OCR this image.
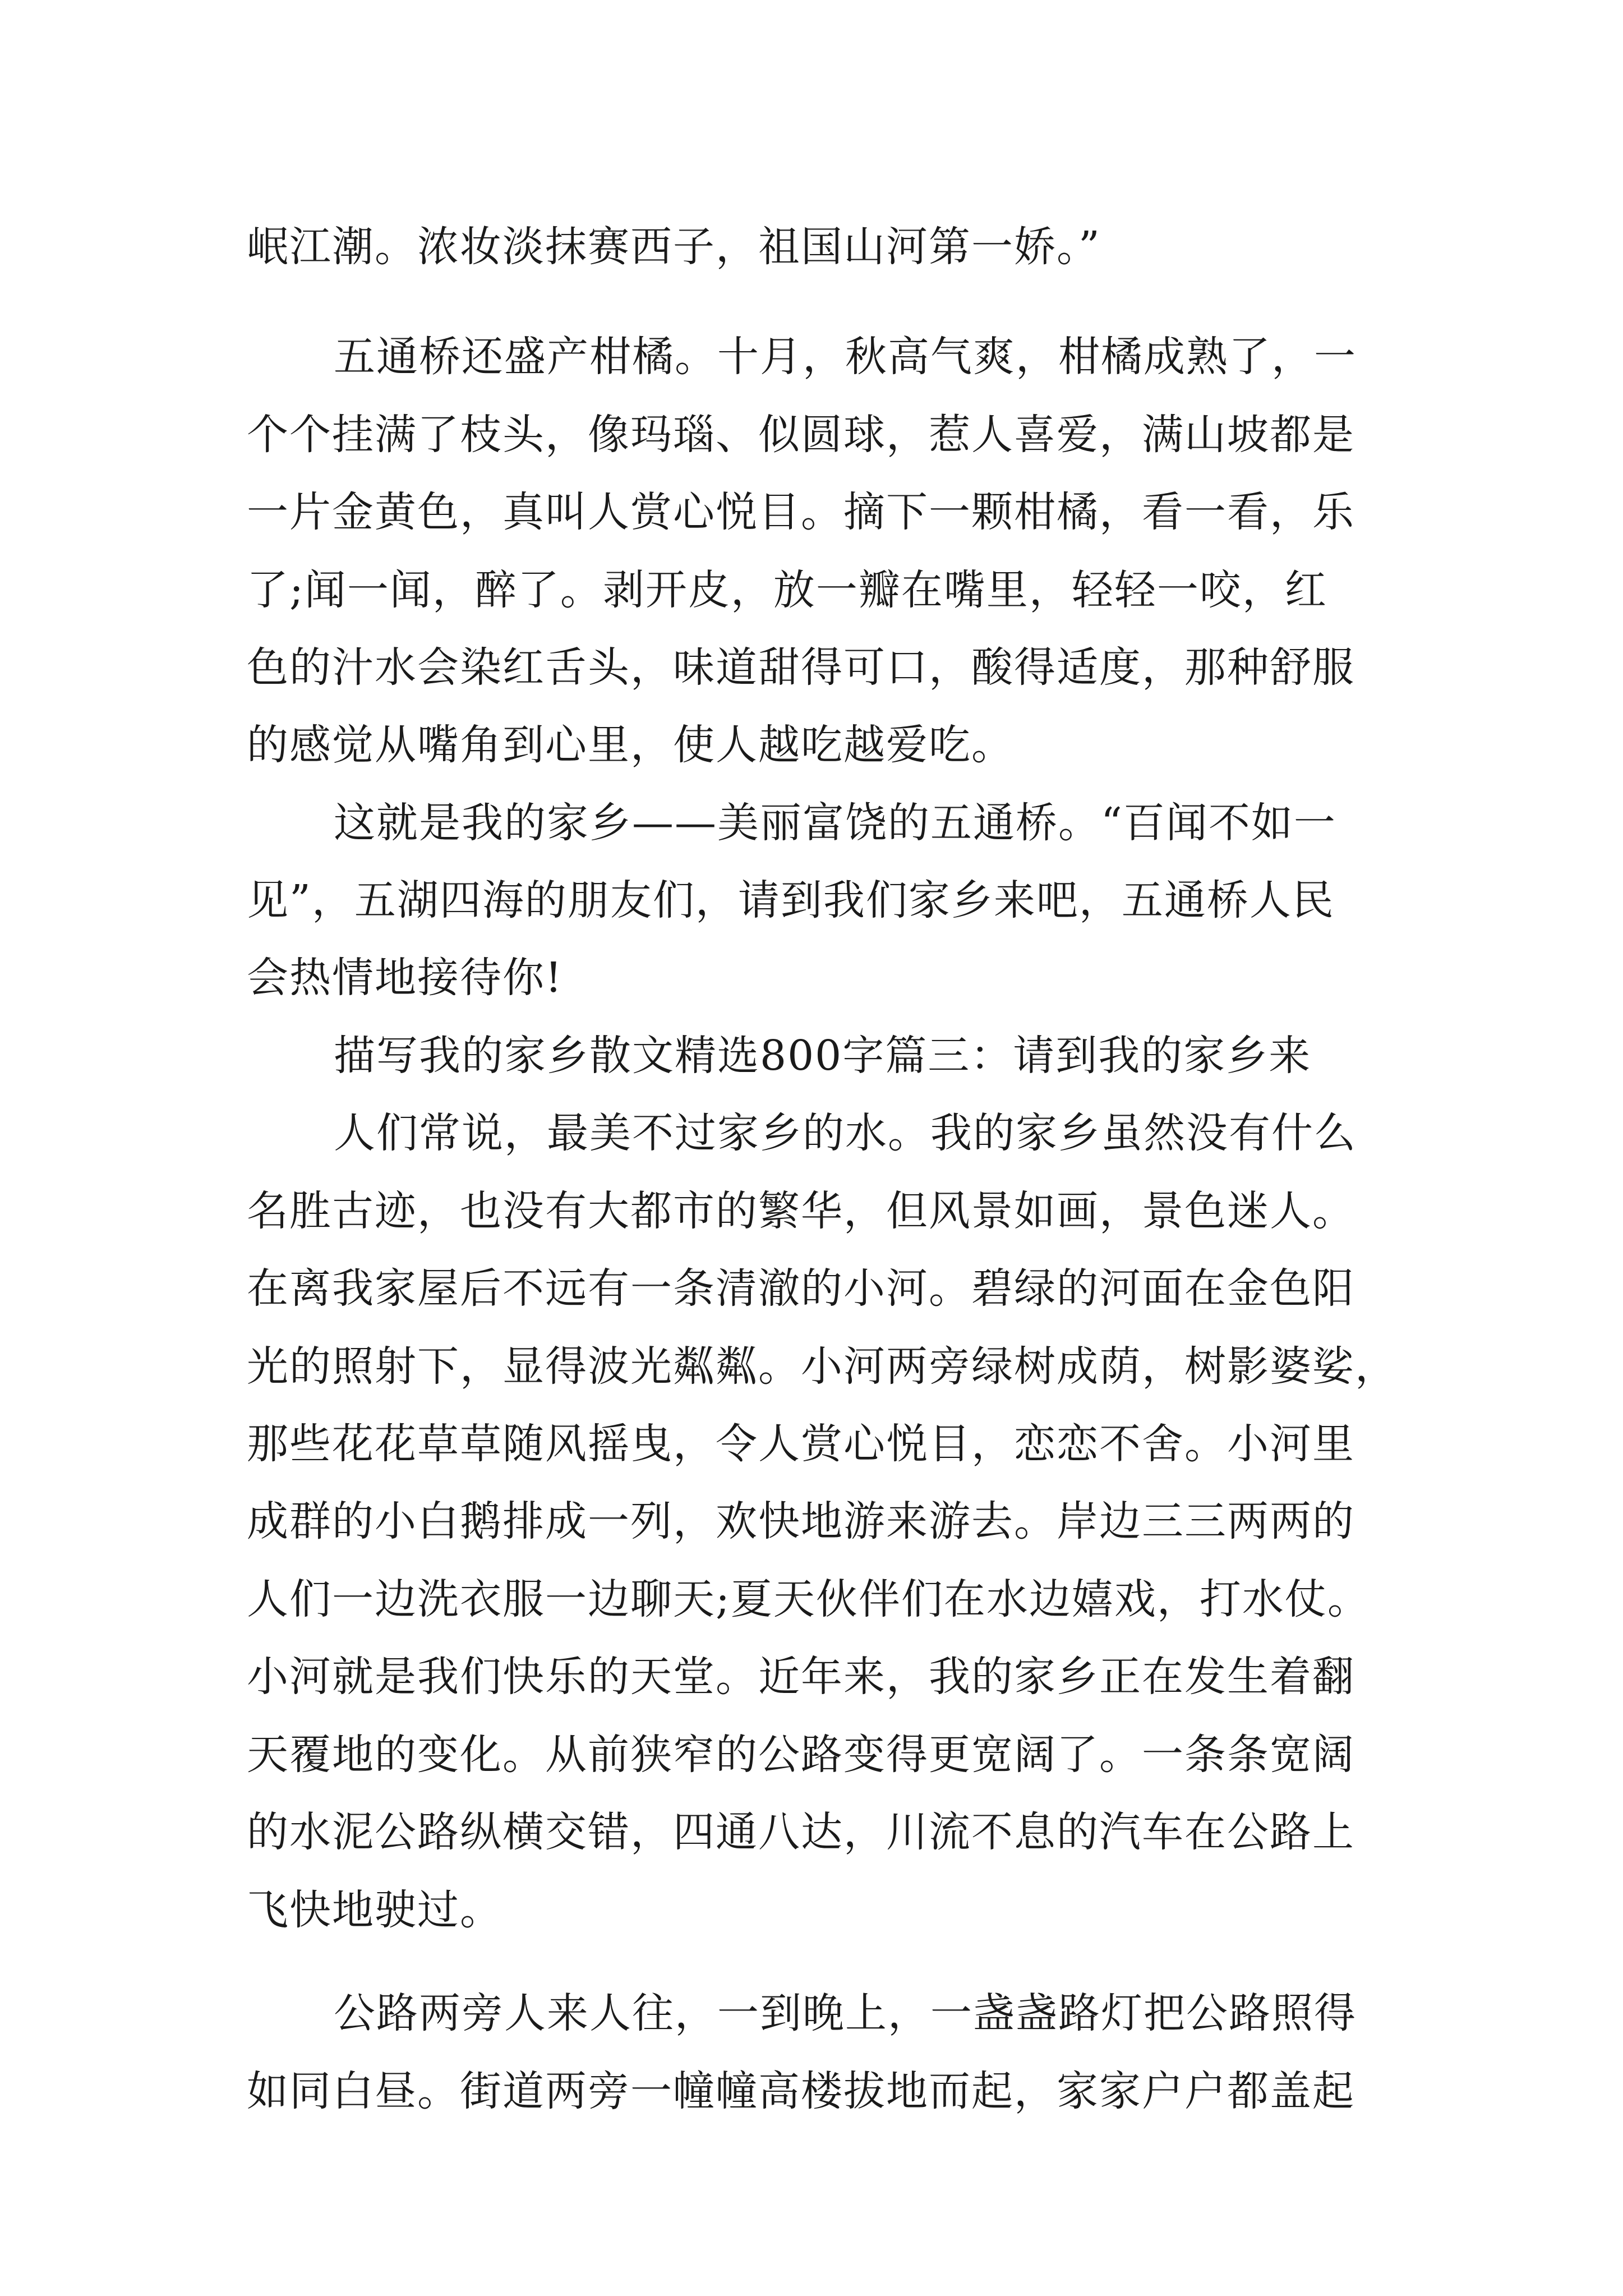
岷江潮。浓妆淡抹赛西子，祖国山河第一娇。”
五通桥还盛产柑橘。十月，秋高气爽，柑橘成熟了，一
个个挂满了枝头，像玛瑙、似圆球，惹人喜爱，满山坡都是
一片金黄色，真叫人赏心悦目。摘下一颗柑橘，看一看，乐
了;闻一闻，醉了。剥开皮，放一瓣在嘴里，轻轻一咬，红
色的汁水会染红舌头，味道甜得可口，酸得适度，那种舒服
的感觉从嘴角到心里，使人越吃越爱吃。
这就是我的家乡——美丽富饶的五通桥。“百闻不如一
见”，五湖四海的朋友们，请到我们家乡来吧，五通桥人民
会热情地接待你!
描写我的家乡散文精选800字篇三：请到我的家乡来
人们常说，最美不过家乡的水。我的家乡虽然没有什么
名胜古迹，也没有大都市的繁华，但风景如画，景色迷人。
在离我家屋后不远有一条清澈的小河。碧绿的河面在金色阳
光的照射下，显得波光粼粼。小河两旁绿树成荫，树影婆娑，
那些花花草草随风摇曳，令人赏心悦目，恋恋不舍。小河里
成群的小白鹅排成一列，欢快地游来游去。岸边三三两两的
人们一边洗衣服一边聊天;夏天伙伴们在水边嬉戏，打水仗。
小河就是我们快乐的天堂。近年来，我的家乡正在发生着翻
天覆地的变化。从前狭窄的公路变得更宽阔了。一条条宽阔
的水泥公路纵横交错，四通八达，川流不息的汽车在公路上
飞快地驶过。
公路两旁人来人往，一到晚上，一盏盏路灯把公路照得
如同白昼。街道两旁一幢幢高楼拔地而起，家家户户都盖起
